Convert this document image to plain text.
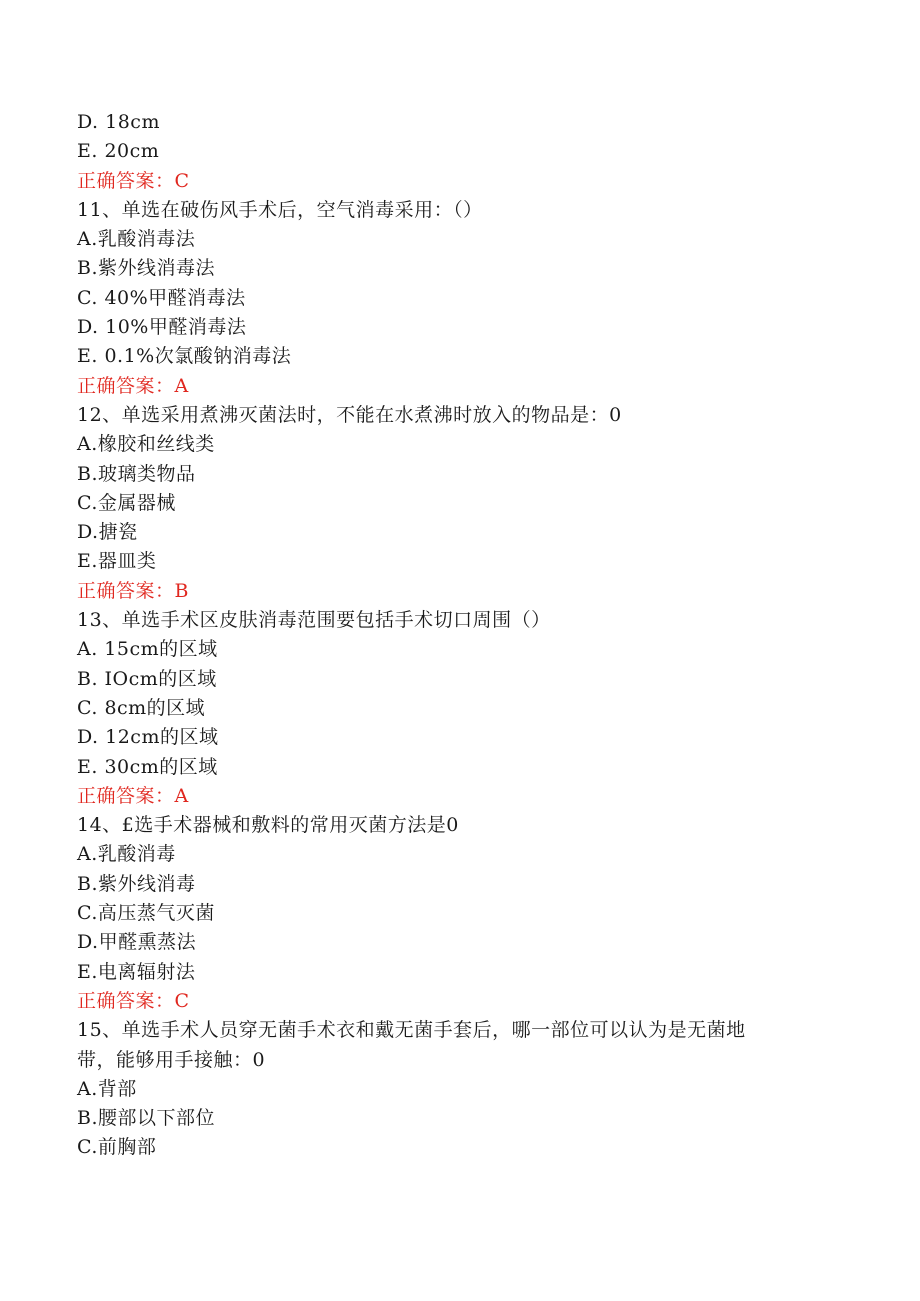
D. 18cm
E. 20cm
正确答案：C
11、单选在破伤风手术后，空气消毒采用：（）
A.乳酸消毒法
B.紫外线消毒法
C. 40%甲醛消毒法
D. 10%甲醛消毒法
E. 0.1%次氯酸钠消毒法
正确答案：A
12、单选采用煮沸灭菌法时，不能在水煮沸时放入的物品是：0
A.橡胶和丝线类
B.玻璃类物品
C.金属器械
D.搪瓷
E.器皿类
正确答案：B
13、单选手术区皮肤消毒范围要包括手术切口周围（）
A. 15cm的区域
B. IOcm的区域
C. 8cm的区域
D. 12cm的区域
E. 30cm的区域
正确答案：A
14、£选手术器械和敷料的常用灭菌方法是0
A.乳酸消毒
B.紫外线消毒
C.高压蒸气灭菌
D.甲醛熏蒸法
E.电离辐射法
正确答案：C
15、单选手术人员穿无菌手术衣和戴无菌手套后，哪一部位可以认为是无菌地
带，能够用手接触：0
A.背部
B.腰部以下部位
C.前胸部
